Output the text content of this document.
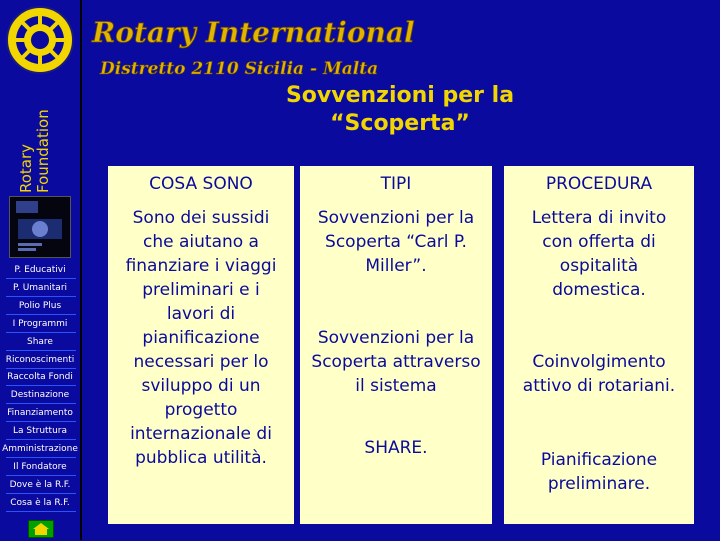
Rotary Foundation
P. Educativi
P. Umanitari
Polio Plus
I Programmi
Share
Riconoscimenti
Raccolta Fondi
Destinazione
Finanziamento
La Struttura
Amministrazione
Il Fondatore
Dove è la R.F.
Cosa è la R.F.
Rotary International
Distretto 2110 Sicilia - Malta
Sovvenzioni per la
“Scoperta”
COSA SONO
Sono dei sussidi che aiutano a finanziare i viaggi preliminari e i lavori di pianificazione necessari per lo sviluppo di un progetto internazionale di pubblica utilità.
TIPI
Sovvenzioni per la Scoperta “Carl P. Miller”.
Sovvenzioni per la Scoperta attraverso il sistema
SHARE.
PROCEDURA
Lettera di invito con offerta di ospitalità domestica.
Coinvolgimento attivo di rotariani.
Pianificazione preliminare.
